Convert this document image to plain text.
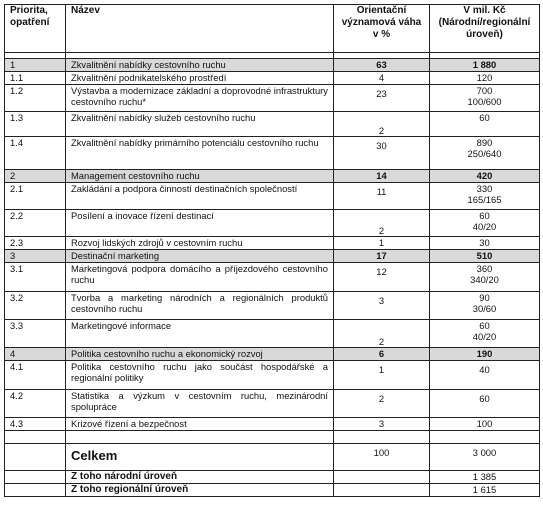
Priorita, opatření	Název	Orientační významová váha v %	V mil. Kč (Národní/regionální úroveň)

1	Zkvalitnění nabídky cestovního ruchu	63	1 880
1.1	Zkvalitnění podnikatelského prostředí	4	120
1.2	Výstavba a modernizace základní a doprovodné infrastruktury cestovního ruchu*	23	700
100/600

1.3	Zkvalitnění nabídky služeb cestovního ruchu	2	60
1.4	Zkvalitnění nabídky primárního potenciálu cestovního ruchu	30	890
250/640

2	Management cestovního ruchu	14	420
2.1	Zakládání a podpora činností destinačních společností	11	330
165/165

2.2	Posílení a inovace řízení destinací	2	60
40/20

2.3	Rozvoj lidských zdrojů v cestovním ruchu	1	30
3	Destinační marketing	17	510
3.1	Marketingová podpora domácího a příjezdového cestovního ruchu	12	360
340/20

3.2	Tvorba a marketing národních a regionálních produktů cestovního ruchu	3	90
30/60

3.3	Marketingové informace	2	60
40/20

4	Politika cestovního ruchu a ekonomický rozvoj	6	190
4.1	Politika cestovního ruchu jako součást hospodářské a regionální politiky	1	40
4.2	Statistika a výzkum v cestovním ruchu, mezinárodní spolupráce	2	60
4.3	Krizové řízení a bezpečnost	3	100

	Celkem	100	3 000
	Z toho národní úroveň		1 385
	Z toho regionální úroveň		1 615
